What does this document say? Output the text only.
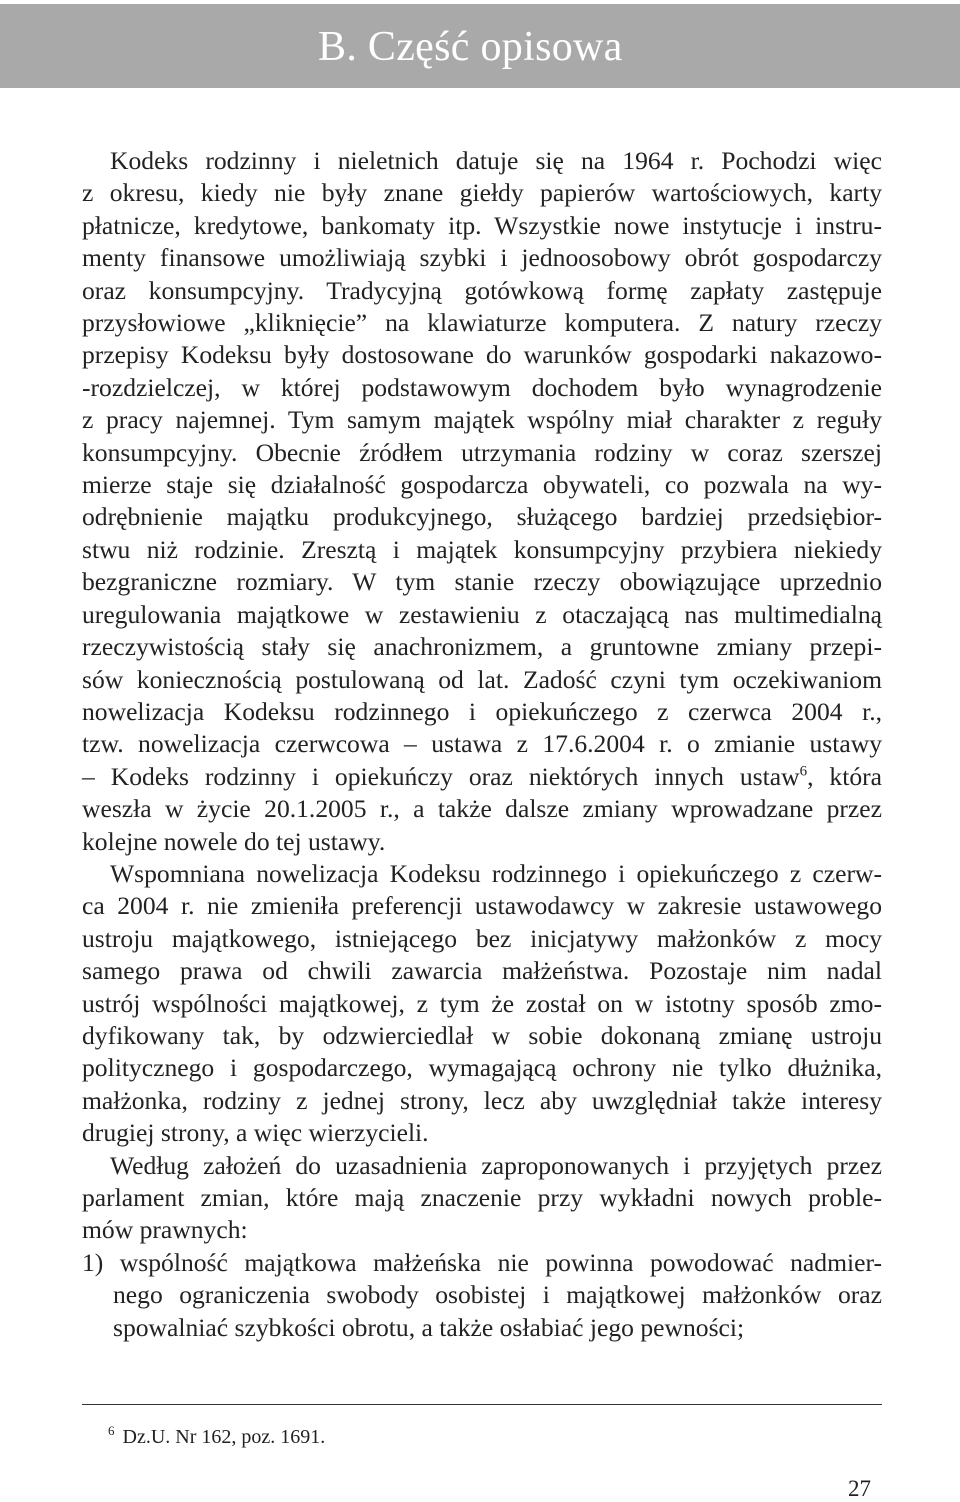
B. Część opisowa
Kodeks rodzinny i nieletnich datuje się na 1964 r. Pochodzi więc
z okresu, kiedy nie były znane giełdy papierów wartościowych, karty
płatnicze, kredytowe, bankomaty itp. Wszystkie nowe instytucje i instru-
menty finansowe umożliwiają szybki i jednoosobowy obrót gospodarczy
oraz konsumpcyjny. Tradycyjną gotówkową formę zapłaty zastępuje
przysłowiowe „kliknięcie” na klawiaturze komputera. Z natury rzeczy
przepisy Kodeksu były dostosowane do warunków gospodarki nakazowo-
-rozdzielczej, w której podstawowym dochodem było wynagrodzenie
z pracy najemnej. Tym samym majątek wspólny miał charakter z reguły
konsumpcyjny. Obecnie źródłem utrzymania rodziny w coraz szerszej
mierze staje się działalność gospodarcza obywateli, co pozwala na wy-
odrębnienie majątku produkcyjnego, służącego bardziej przedsiębior-
stwu niż rodzinie. Zresztą i majątek konsumpcyjny przybiera niekiedy
bezgraniczne rozmiary. W tym stanie rzeczy obowiązujące uprzednio
uregulowania majątkowe w zestawieniu z otaczającą nas multimedialną
rzeczywistością stały się anachronizmem, a gruntowne zmiany przepi-
sów koniecznością postulowaną od lat. Zadość czyni tym oczekiwaniom
nowelizacja Kodeksu rodzinnego i opiekuńczego z czerwca 2004 r.,
tzw. nowelizacja czerwcowa – ustawa z 17.6.2004 r. o zmianie ustawy
– Kodeks rodzinny i opiekuńczy oraz niektórych innych ustaw$^6$, która
weszła w życie 20.1.2005 r., a także dalsze zmiany wprowadzane przez
kolejne nowele do tej ustawy.
Wspomniana nowelizacja Kodeksu rodzinnego i opiekuńczego z czerw-
ca 2004 r. nie zmieniła preferencji ustawodawcy w zakresie ustawowego
ustroju majątkowego, istniejącego bez inicjatywy małżonków z mocy
samego prawa od chwili zawarcia małżeństwa. Pozostaje nim nadal
ustrój wspólności majątkowej, z tym że został on w istotny sposób zmo-
dyfikowany tak, by odzwierciedlał w sobie dokonaną zmianę ustroju
politycznego i gospodarczego, wymagającą ochrony nie tylko dłużnika,
małżonka, rodziny z jednej strony, lecz aby uwzględniał także interesy
drugiej strony, a więc wierzycieli.
Według założeń do uzasadnienia zaproponowanych i przyjętych przez
parlament zmian, które mają znaczenie przy wykładni nowych proble-
mów prawnych:
1) wspólność majątkowa małżeńska nie powinna powodować nadmier-
nego ograniczenia swobody osobistej i majątkowej małżonków oraz
spowalniać szybkości obrotu, a także osłabiać jego pewności;
$^6$ Dz.U. Nr 162, poz. 1691.
27
